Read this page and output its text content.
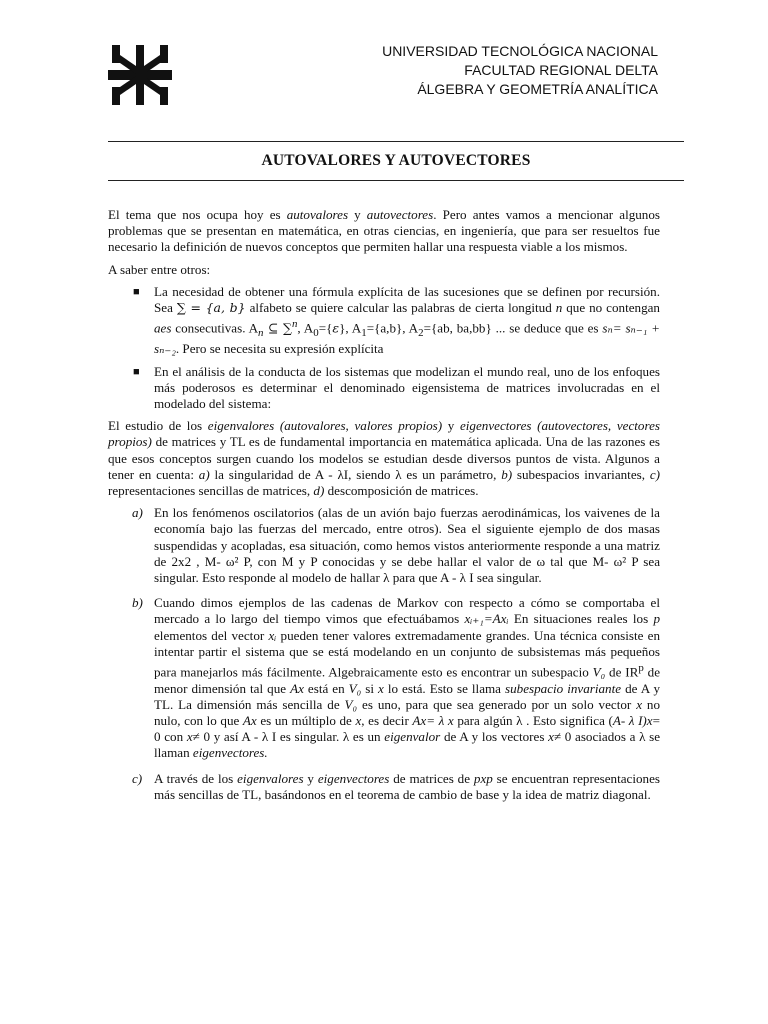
UNIVERSIDAD TECNOLÓGICA NACIONAL
FACULTAD REGIONAL DELTA
ÁLGEBRA Y GEOMETRÍA ANALÍTICA
AUTOVALORES Y AUTOVECTORES

El tema que nos ocupa hoy es autovalores y autovectores. Pero antes vamos a mencionar algunos problemas que se presentan en matemática, en otras ciencias, en ingeniería, que para ser resueltos fue necesario la definición de nuevos conceptos que permiten hallar una respuesta viable a los mismos.

A saber entre otros:

■ La necesidad de obtener una fórmula explícita de las sucesiones que se definen por recursión. Sea ∑ = {a, b} alfabeto se quiere calcular las palabras de cierta longitud n que no contengan aes consecutivas. $A_n$ ⊆ ∑$^n$, $A_0=\{\varepsilon\}$, $A_1=\{a,b\}$, $A_2=\{ab$, ba,bb} ... se deduce que es sₙ= sₙ₋₁ + sₙ₋₂. Pero se necesita su expresión explícita
■ En el análisis de la conducta de los sistemas que modelizan el mundo real, uno de los enfoques más poderosos es determinar el denominado eigensistema de matrices involucradas en el modelado del sistema:

El estudio de los eigenvalores (autovalores, valores propios) y eigenvectores (autovectores, vectores propios) de matrices y TL es de fundamental importancia en matemática aplicada. Una de las razones es que esos conceptos surgen cuando los modelos se estudian desde diversos puntos de vista. Algunos a tener en cuenta: a) la singularidad de A - λI, siendo λ es un parámetro, b) subespacios invariantes, c) representaciones sencillas de matrices, d) descomposición de matrices.

a) En los fenómenos oscilatorios (alas de un avión bajo fuerzas aerodinámicas, los vaivenes de la economía bajo las fuerzas del mercado, entre otros). Sea el siguiente ejemplo de dos masas suspendidas y acopladas, esa situación, como hemos vistos anteriormente responde a una matriz de 2x2 , M- ω² P, con M y P conocidas y se debe hallar el valor de ω tal que M- ω² P sea singular. Esto responde al modelo de hallar λ para que A - λ I sea singular.
b) Cuando dimos ejemplos de las cadenas de Markov con respecto a cómo se comportaba el mercado a lo largo del tiempo vimos que efectuábamos xᵢ₊₁=Axᵢ En situaciones reales los p elementos del vector xᵢ pueden tener valores extremadamente grandes. Una técnica consiste en intentar partir el sistema que se está modelando en un conjunto de subsistemas más pequeños para manejarlos más fácilmente. Algebraicamente esto es encontrar un subespacio V₀ de $IR^p$ de menor dimensión tal que Ax está en V₀ si x lo está. Esto se llama subespacio invariante de A y TL. La dimensión más sencilla de V₀ es uno, para que sea generado por un solo vector x no nulo, con lo que Ax es un múltiplo de x, es decir Ax= λ x para algún λ . Esto significa (A- λ I)x= 0 con x≠ 0 y así A - λ I es singular. λ es un eigenvalor de A y los vectores x≠ 0 asociados a λ se llaman eigenvectores.
c) A través de los eigenvalores y eigenvectores de matrices de pxp se encuentran representaciones más sencillas de TL, basándonos en el teorema de cambio de base y la idea de matriz diagonal.
